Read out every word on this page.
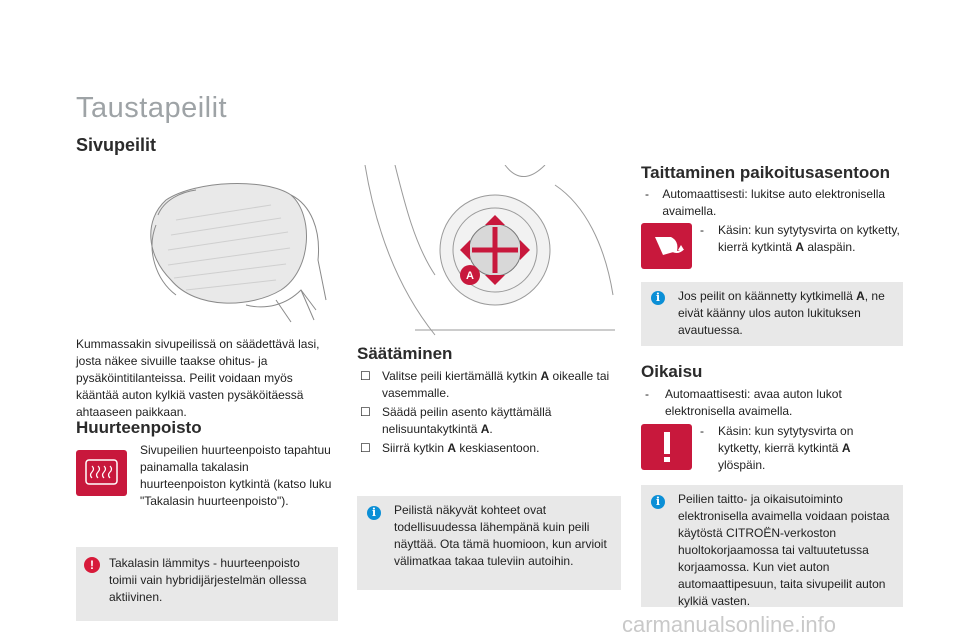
Taustapeilit
Sivupeilit
Kummassakin sivupeilissä on säädettävä lasi, josta näkee sivuille taakse ohitus- ja pysäköintitilanteissa. Peilit voidaan myös kääntää auton kylkiä vasten pysäköitäessä ahtaaseen paikkaan.
Huurteenpoisto
Sivupeilien huurteenpoisto tapahtuu painamalla takalasin huurteenpoiston kytkintä (katso luku "Takalasin huurteenpoisto").
!	Takalasin lämmitys - huurteenpoisto toimii vain hybridijärjestelmän ollessa aktiivinen.
A
Säätäminen
☐ Valitse peili kiertämällä kytkin A oikealle tai vasemmalle.
☐ Säädä peilin asento käyttämällä nelisuuntakytkintä A.
☐ Siirrä kytkin A keskiasentoon.
i	Peilistä näkyvät kohteet ovat todellisuudessa lähempänä kuin peili näyttää. Ota tämä huomioon, kun arvioit välimatkaa takaa tuleviin autoihin.
Taittaminen paikoitusasentoon
-	Automaattisesti: lukitse auto elektronisella avaimella.
-	Käsin: kun sytytysvirta on kytketty, kierrä kytkintä A alaspäin.
i	Jos peilit on käännetty kytkimellä A, ne eivät käänny ulos auton lukituksen avautuessa.
Oikaisu
-	Automaattisesti: avaa auton lukot elektronisella avaimella.
-	Käsin: kun sytytysvirta on kytketty, kierrä kytkintä A ylöspäin.
i	Peilien taitto- ja oikaisutoiminto elektronisella avaimella voidaan poistaa käytöstä CITROËN-verkoston huoltokorjaamossa tai valtuutetussa korjaamossa. Kun viet auton automaattipesuun, taita sivupeilit auton kylkiä vasten.
carmanualsonline.info
